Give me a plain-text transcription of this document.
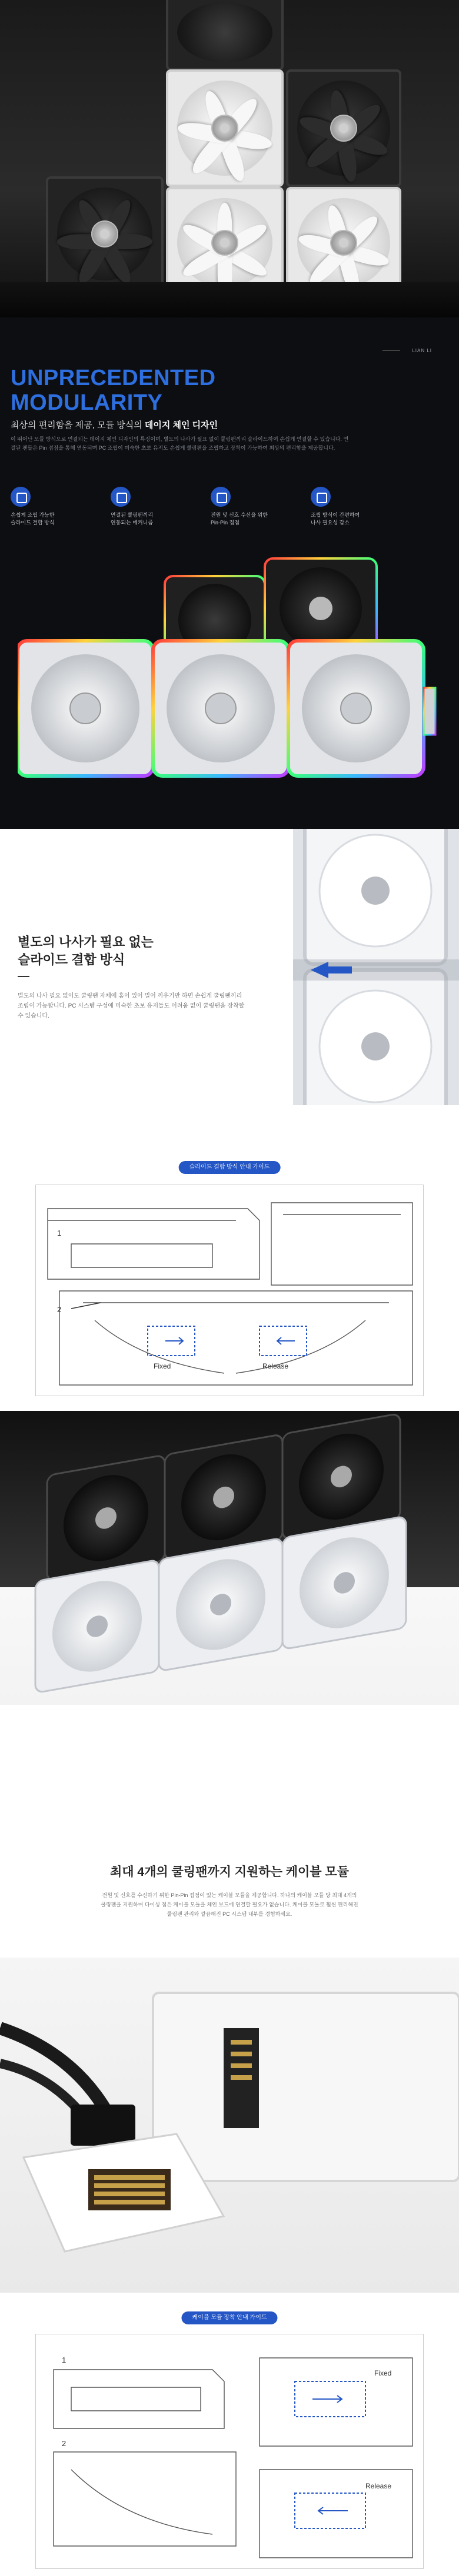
LIAN LI
UNPRECEDENTED
MODULARITY
최상의 편리함을 제공, 모듈 방식의 데이지 체인 디자인
이 뛰어난 모듈 방식으로 연결되는 데이지 체인 디자인의 특징이며, 별도의 나사가 필요 없이 쿨링팬끼리 슬라이드하여 손쉽게 연결할 수 있습니다. 연결된 팬들은 Pin 접점을 통해 연동되며 PC 조립이 미숙한 초보 유저도 손쉽게 쿨링팬을 조립하고 장착이 가능하여 최상의 편리함을 제공합니다.
손쉽게 조립 가능한
슬라이드 결합 방식
연결된 쿨링팬끼리
연동되는 메커니즘
전원 및 신호 수신을 위한
Pin-Pin 접점
조립 방식이 간편하여
나사 필요성 감소
별도의 나사가 필요 없는
슬라이드 결합 방식
별도의 나사 필요 없이도 쿨링팬 자체에 홈이 있어 밀어 끼우기만 하면 손쉽게 쿨링팬끼리 조립이 가능합니다. PC 시스템 구성에 미숙한 초보 유저들도 어려움 없이 쿨링팬을 장착할 수 있습니다.
슬라이드 결합 방식 안내 가이드
1
2
Fixed	Release
최대 4개의 쿨링팬까지 지원하는 케이블 모듈
전원 및 신호를 수신하기 위한 Pin-Pin 접점이 있는 케이블 모듈을 제공합니다. 하나의 케이블 모듈 당 최대 4개의 쿨링팬을 지원하며 다이싱 접은 케이블 모듈을 체인 보드에 연결할 필요가 없습니다. 케이블 모듈로 훨씬 편리해진 쿨링팬 관리와 깔끔해진 PC 시스템 내부를 경험하세요.
케이블 모듈 장착 안내 가이드
1
2
Fixed
Release
